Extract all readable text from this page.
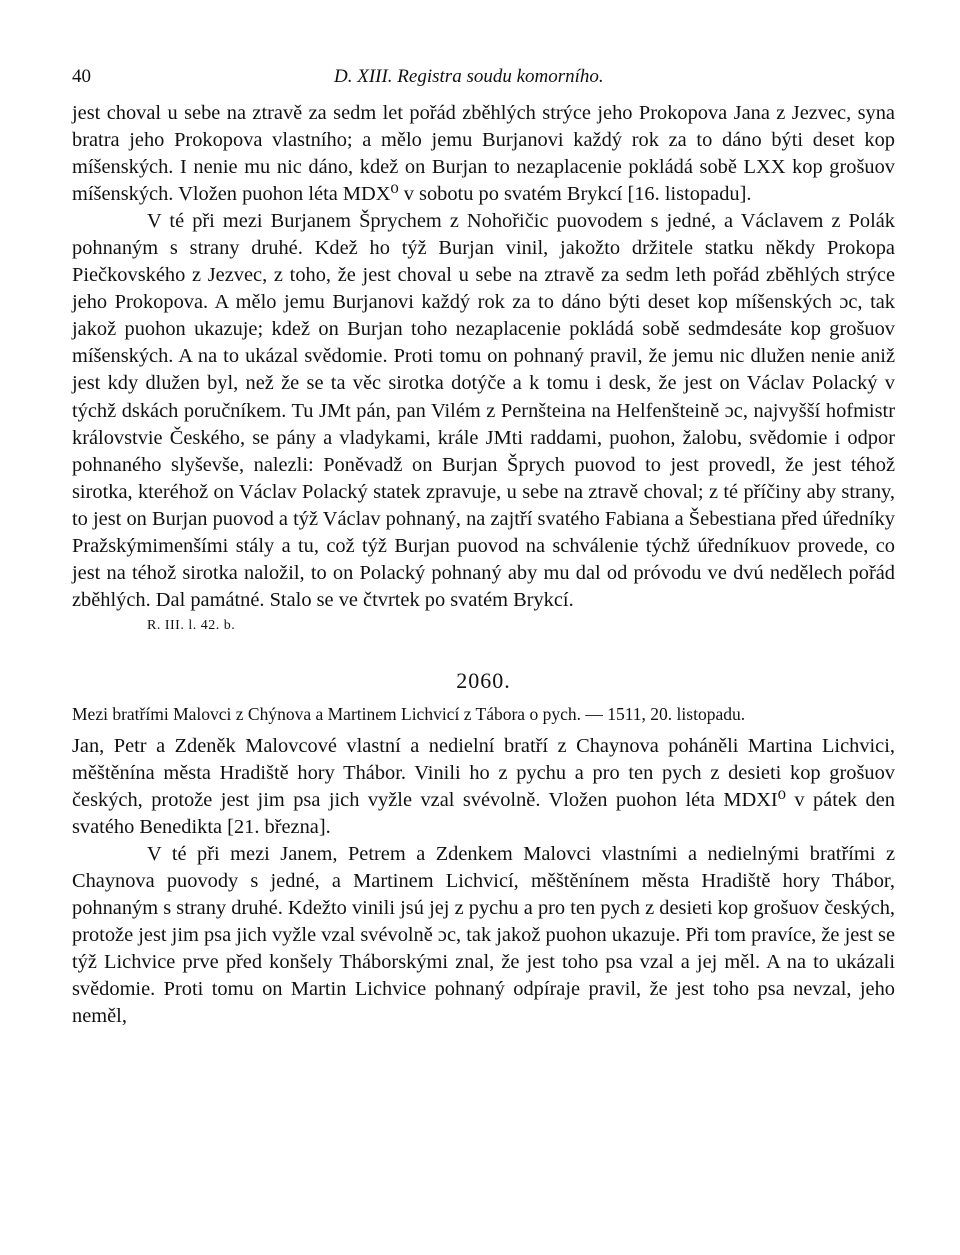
40	D. XIII. Registra soudu komorního.

jest choval u sebe na ztravě za sedm let pořád zběhlých strýce jeho Prokopova Jana z Jezvec, syna bratra jeho Prokopova vlastního; a mělo jemu Burjanovi každý rok za to dáno býti deset kop míšenských. I nenie mu nic dáno, kdež on Burjan to nezaplacenie pokládá sobě LXX kop grošuov míšenských. Vložen puohon léta MDX⁰ v sobotu po svatém Brykcí [16. listopadu].

V té při mezi Burjanem Šprychem z Nohořičic puovodem s jedné, a Václavem z Polák pohnaným s strany druhé. Kdež ho týž Burjan vinil, jakožto držitele statku někdy Prokopa Piečkovského z Jezvec, z toho, že jest choval u sebe na ztravě za sedm leth pořád zběhlých strýce jeho Prokopova. A mělo jemu Burjanovi každý rok za to dáno býti deset kop míšenských ɔc, tak jakož puohon ukazuje; kdež on Burjan toho nezaplacenie pokládá sobě sedmdesáte kop grošuov míšenských. A na to ukázal svědomie. Proti tomu on pohnaný pravil, že jemu nic dlužen nenie aniž jest kdy dlužen byl, než že se ta věc sirotka dotýče a k tomu i desk, že jest on Václav Polacký v týchž dskách poručníkem. Tu JMt pán, pan Vilém z Pernšteina na Helfenšteině ɔc, najvyšší hofmistr královstvie Českého, se pány a vladykami, krále JMti raddami, puohon, žalobu, svědomie i odpor pohnaného slyševše, nalezli: Poněvadž on Burjan Šprych puovod to jest provedl, že jest téhož sirotka, kteréhož on Václav Polacký statek zpravuje, u sebe na ztravě choval; z té příčiny aby strany, to jest on Burjan puovod a týž Václav pohnaný, na zajtří svatého Fabiana a Šebestiana před úředníky Pražskýmimenšími stály a tu, což týž Burjan puovod na schválenie týchž úředníkuov provede, co jest na téhož sirotka naložil, to on Polacký pohnaný aby mu dal od próvodu ve dvú nedělech pořád zběhlých. Dal památné. Stalo se ve čtvrtek po svatém Brykcí.

R. III. l. 42. b.
2060.
Mezi bratřími Malovci z Chýnova a Martinem Lichvicí z Tábora o pych. — 1511, 20. listopadu.

Jan, Petr a Zdeněk Malovcové vlastní a nedielní bratří z Chaynova poháněli Martina Lichvici, měštěnína města Hradiště hory Thábor. Vinili ho z pychu a pro ten pych z desieti kop grošuov českých, protože jest jim psa jich vyžle vzal svévolně. Vložen puohon léta MDXI⁰ v pátek den svatého Benedikta [21. března].

V té při mezi Janem, Petrem a Zdenkem Malovci vlastními a nedielnými bratřími z Chaynova puovody s jedné, a Martinem Lichvicí, měštěnínem města Hradiště hory Thábor, pohnaným s strany druhé. Kdežto vinili jsú jej z pychu a pro ten pych z desieti kop grošuov českých, protože jest jim psa jich vyžle vzal svévolně ɔc, tak jakož puohon ukazuje. Při tom pravíce, že jest se týž Lichvice prve před konšely Tháborskými znal, že jest toho psa vzal a jej měl. A na to ukázali svědomie. Proti tomu on Martin Lichvice pohnaný odpíraje pravil, že jest toho psa nevzal, jeho neměl,
